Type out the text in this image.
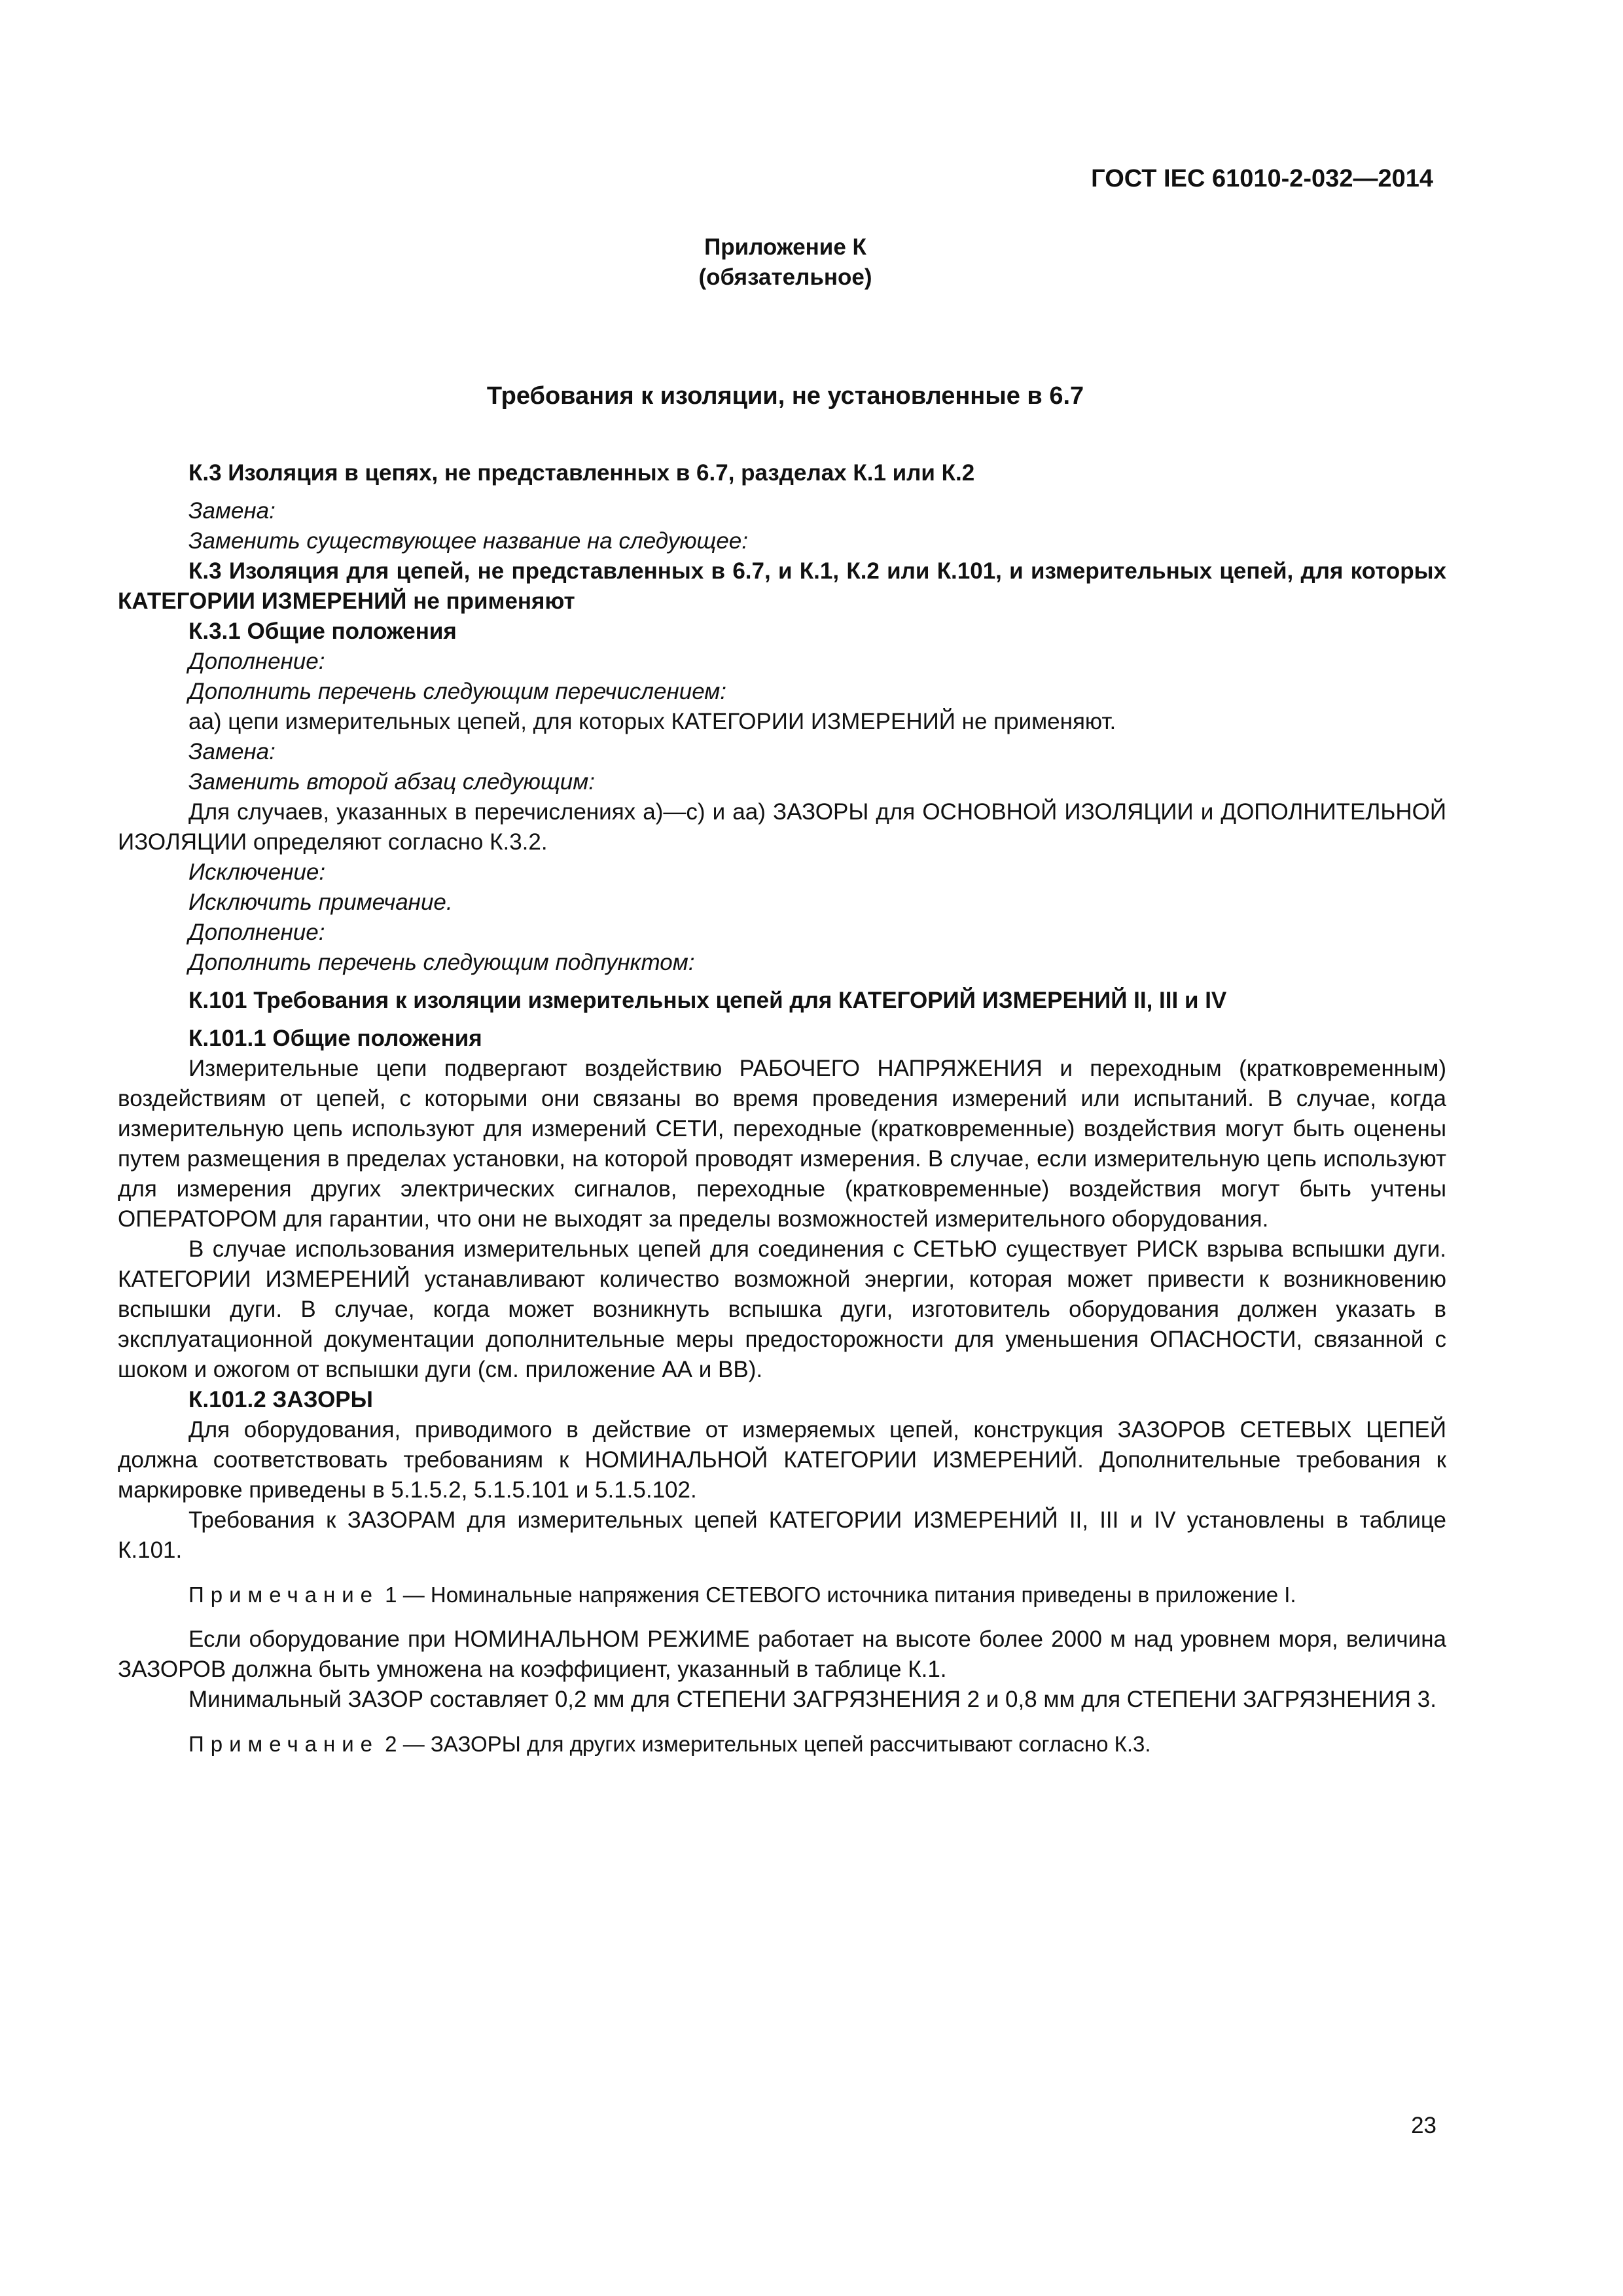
ГОСТ IEC 61010-2-032—2014
Приложение К
(обязательное)
Требования к изоляции, не установленные в 6.7

К.3 Изоляция в цепях, не представленных в 6.7, разделах К.1 или К.2

Замена:

Заменить существующее название на следующее:

К.3 Изоляция для цепей, не представленных в 6.7, и К.1, К.2 или К.101, и измерительных цепей, для которых КАТЕГОРИИ ИЗМЕРЕНИЙ не применяют

К.3.1 Общие положения

Дополнение:

Дополнить перечень следующим перечислением:

аа) цепи измерительных цепей, для которых КАТЕГОРИИ ИЗМЕРЕНИЙ не применяют.

Замена:

Заменить второй абзац следующим:

Для случаев, указанных в перечислениях а)—с) и аа) ЗАЗОРЫ для ОСНОВНОЙ ИЗОЛЯЦИИ и ДОПОЛНИТЕЛЬНОЙ ИЗОЛЯЦИИ определяют согласно К.3.2.

Исключение:

Исключить примечание.

Дополнение:

Дополнить перечень следующим подпунктом:

К.101 Требования к изоляции измерительных цепей для КАТЕГОРИЙ ИЗМЕРЕНИЙ II, III и IV

К.101.1 Общие положения

Измерительные цепи подвергают воздействию РАБОЧЕГО НАПРЯЖЕНИЯ и переходным (кратковременным) воздействиям от цепей, с которыми они связаны во время проведения измерений или испытаний. В случае, когда измерительную цепь используют для измерений СЕТИ, переходные (кратковременные) воздействия могут быть оценены путем размещения в пределах установки, на которой проводят измерения. В случае, если измерительную цепь используют для измерения других электрических сигналов, переходные (кратковременные) воздействия могут быть учтены ОПЕРАТОРОМ для гарантии, что они не выходят за пределы возможностей измерительного оборудования.

В случае использования измерительных цепей для соединения с СЕТЬЮ существует РИСК взрыва вспышки дуги. КАТЕГОРИИ ИЗМЕРЕНИЙ устанавливают количество возможной энергии, которая может привести к возникновению вспышки дуги. В случае, когда может возникнуть вспышка дуги, изготовитель оборудования должен указать в эксплуатационной документации дополнительные меры предосторожности для уменьшения ОПАСНОСТИ, связанной с шоком и ожогом от вспышки дуги (см. приложение АА и ВВ).

К.101.2 ЗАЗОРЫ

Для оборудования, приводимого в действие от измеряемых цепей, конструкция ЗАЗОРОВ СЕТЕВЫХ ЦЕПЕЙ должна соответствовать требованиям к НОМИНАЛЬНОЙ КАТЕГОРИИ ИЗМЕРЕНИЙ. Дополнительные требования к маркировке приведены в 5.1.5.2, 5.1.5.101 и 5.1.5.102.

Требования к ЗАЗОРАМ для измерительных цепей КАТЕГОРИИ ИЗМЕРЕНИЙ II, III и IV установлены в таблице К.101.

Примечание 1 — Номинальные напряжения СЕТЕВОГО источника питания приведены в приложение I.

Если оборудование при НОМИНАЛЬНОМ РЕЖИМЕ работает на высоте более 2000 м над уровнем моря, величина ЗАЗОРОВ должна быть умножена на коэффициент, указанный в таблице К.1.

Минимальный ЗАЗОР составляет 0,2 мм для СТЕПЕНИ ЗАГРЯЗНЕНИЯ 2 и 0,8 мм для СТЕПЕНИ ЗАГРЯЗНЕНИЯ 3.

Примечание 2 — ЗАЗОРЫ для других измерительных цепей рассчитывают согласно К.3.

23
